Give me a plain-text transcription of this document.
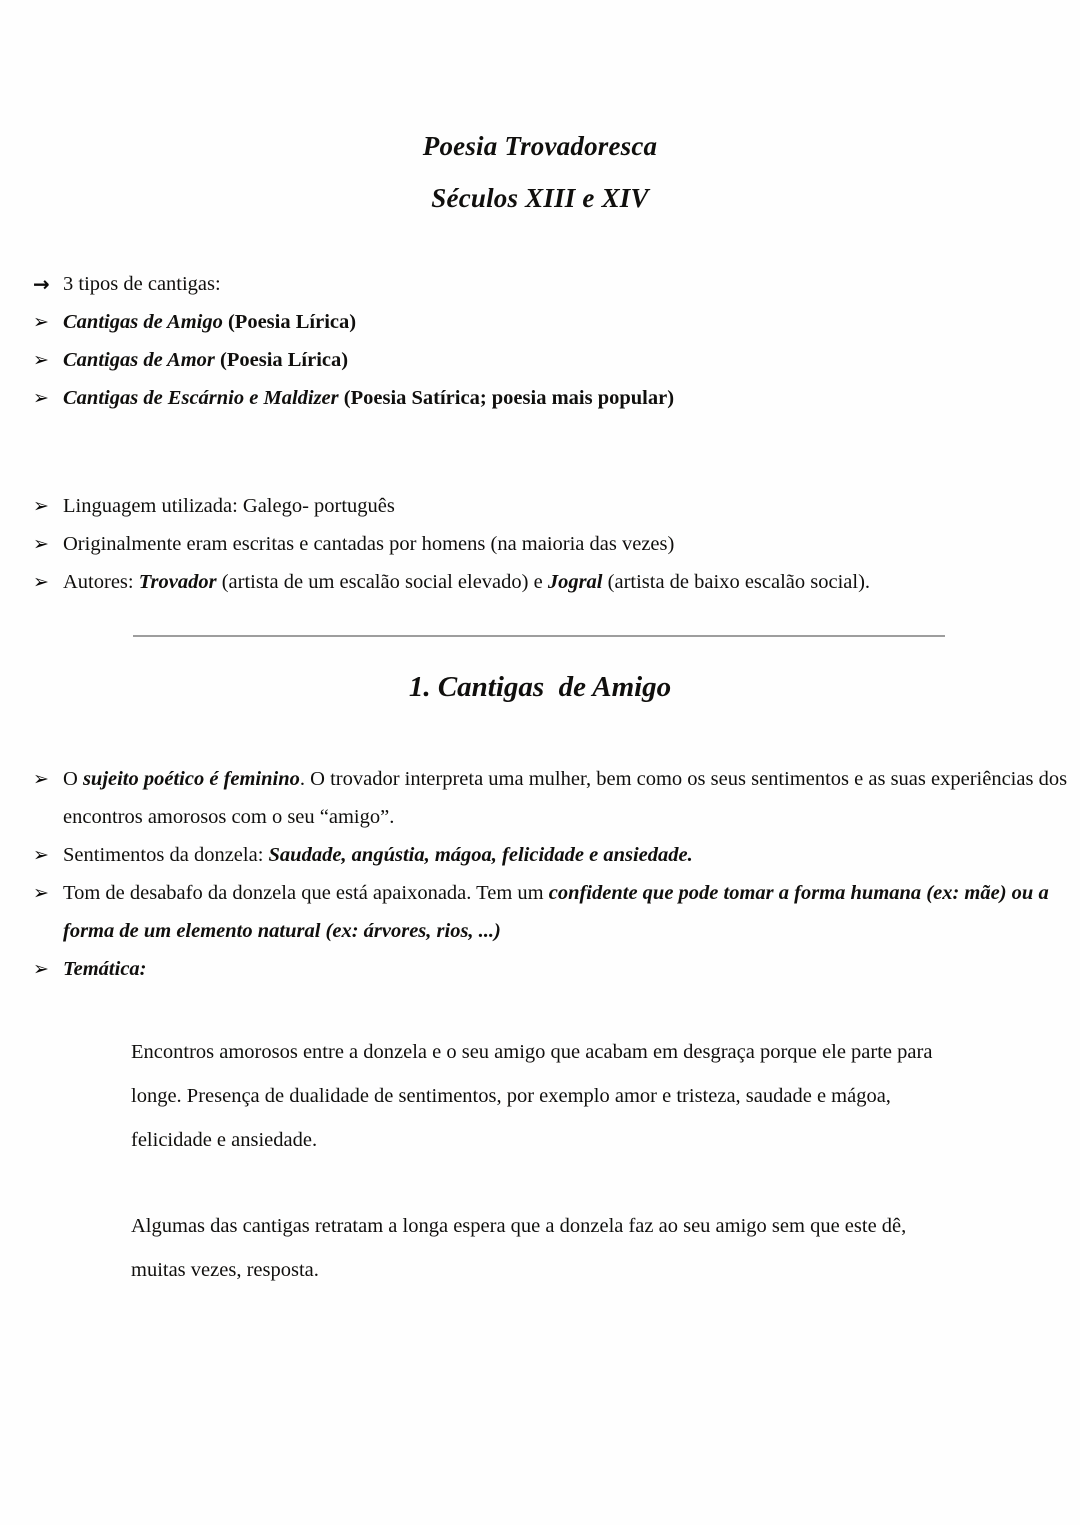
Poesia Trovadoresca
Séculos XIII e XIV
→ 3 tipos de cantigas:
➢ Cantigas de Amigo (Poesia Lírica)
➢ Cantigas de Amor (Poesia Lírica)
➢ Cantigas de Escárnio e Maldizer (Poesia Satírica; poesia mais popular)
➢ Linguagem utilizada: Galego- português
➢ Originalmente eram escritas e cantadas por homens (na maioria das vezes)
➢ Autores: Trovador (artista de um escalão social elevado) e Jogral (artista de baixo escalão social).
1. Cantigas  de Amigo
➢ O sujeito poético é feminino. O trovador interpreta uma mulher, bem como os seus sentimentos e as suas experiências dos encontros amorosos com o seu “amigo”.
➢ Sentimentos da donzela: Saudade, angústia, mágoa, felicidade e ansiedade.
➢ Tom de desabafo da donzela que está apaixonada. Tem um confidente que pode tomar a forma humana (ex: mãe) ou a forma de um elemento natural (ex: árvores, rios, ...)
➢ Temática:

Encontros amorosos entre a donzela e o seu amigo que acabam em desgraça porque ele parte para longe. Presença de dualidade de sentimentos, por exemplo amor e tristeza, saudade e mágoa, felicidade e ansiedade.

Algumas das cantigas retratam a longa espera que a donzela faz ao seu amigo sem que este dê, muitas vezes, resposta.
